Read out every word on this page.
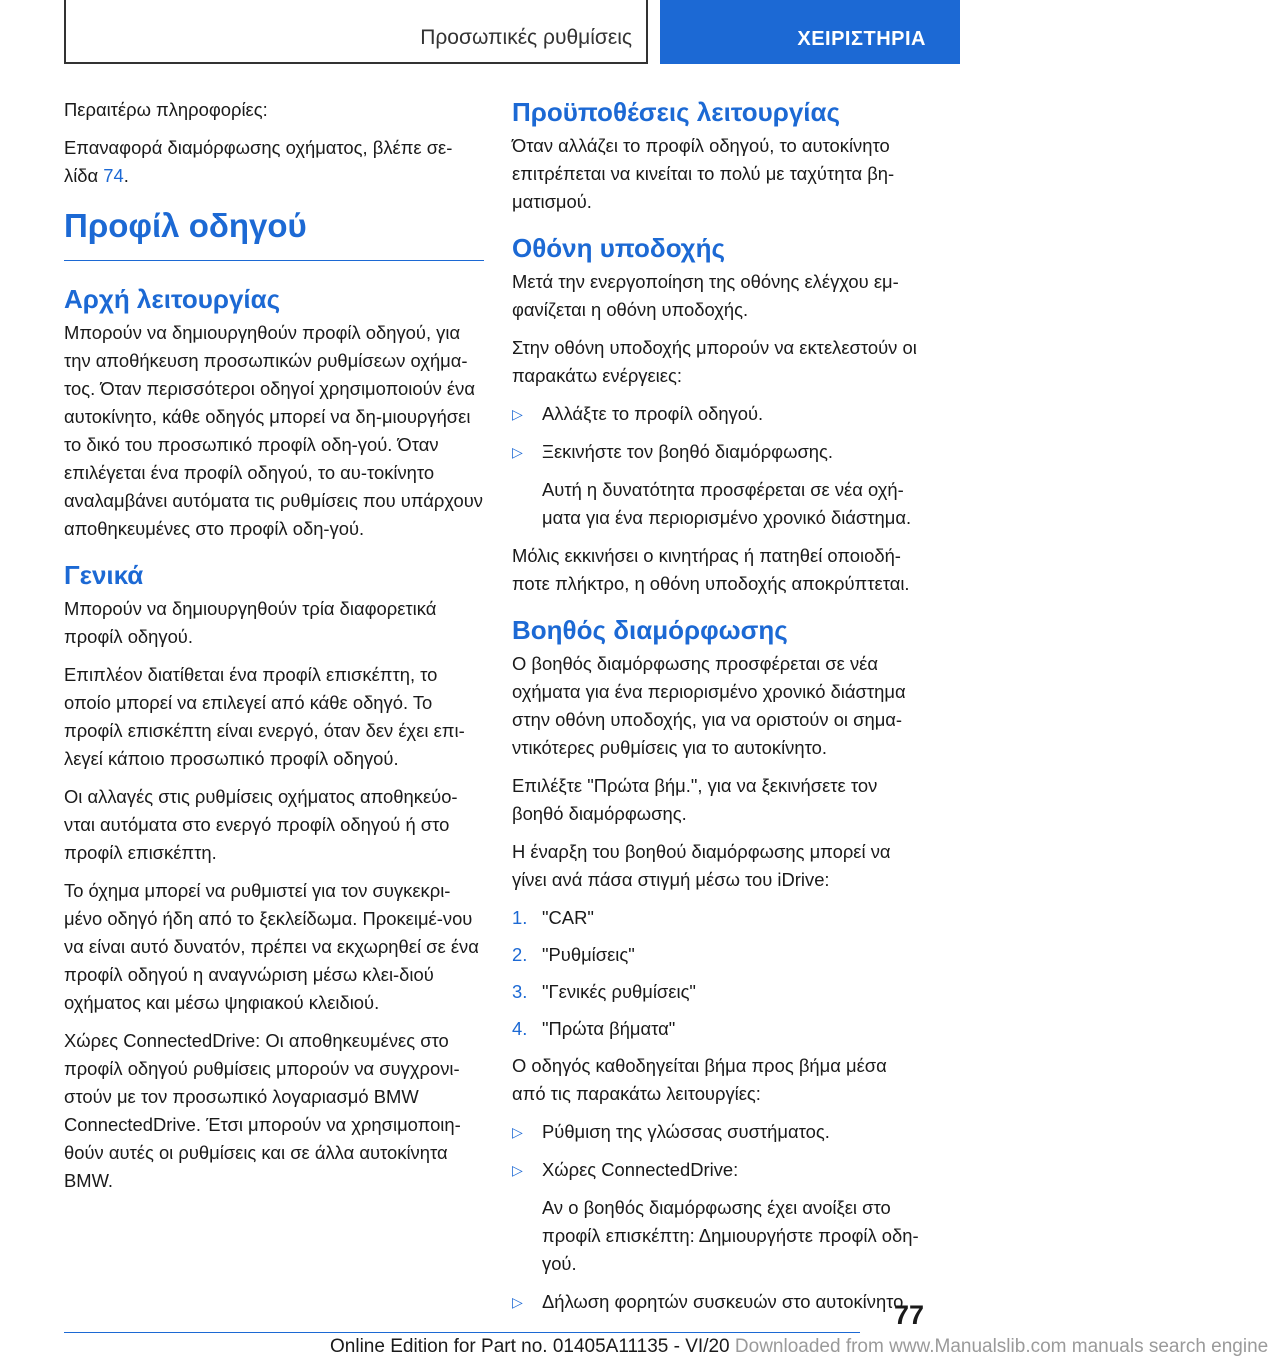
Προσωπικές ρυθμίσεις	ΧΕΙΡΙΣΤΗΡΙΑ

Περαιτέρω πληροφορίες:

Επαναφορά διαμόρφωσης οχήματος, βλέπε σε-λίδα 74.

Προφίλ οδηγού
Αρχή λειτουργίας

Μπορούν να δημιουργηθούν προφίλ οδηγού, για την αποθήκευση προσωπικών ρυθμίσεων οχήμα-τος. Όταν περισσότεροι οδηγοί χρησιμοποιούν ένα αυτοκίνητο, κάθε οδηγός μπορεί να δη-μιουργήσει το δικό του προσωπικό προφίλ οδη-γού. Όταν επιλέγεται ένα προφίλ οδηγού, το αυ-τοκίνητο αναλαμβάνει αυτόματα τις ρυθμίσεις που υπάρχουν αποθηκευμένες στο προφίλ οδη-γού.

Γενικά

Μπορούν να δημιουργηθούν τρία διαφορετικά προφίλ οδηγού.

Επιπλέον διατίθεται ένα προφίλ επισκέπτη, το οποίο μπορεί να επιλεγεί από κάθε οδηγό. Το προφίλ επισκέπτη είναι ενεργό, όταν δεν έχει επι-λεγεί κάποιο προσωπικό προφίλ οδηγού.

Οι αλλαγές στις ρυθμίσεις οχήματος αποθηκεύο-νται αυτόματα στο ενεργό προφίλ οδηγού ή στο προφίλ επισκέπτη.

Το όχημα μπορεί να ρυθμιστεί για τον συγκεκρι-μένο οδηγό ήδη από το ξεκλείδωμα. Προκειμέ-νου να είναι αυτό δυνατόν, πρέπει να εκχωρηθεί σε ένα προφίλ οδηγού η αναγνώριση μέσω κλει-διού οχήματος και μέσω ψηφιακού κλειδιού.

Χώρες ConnectedDrive: Οι αποθηκευμένες στο προφίλ οδηγού ρυθμίσεις μπορούν να συγχρονι-στούν με τον προσωπικό λογαριασμό BMW ConnectedDrive. Έτσι μπορούν να χρησιμοποιη-θούν αυτές οι ρυθμίσεις και σε άλλα αυτοκίνητα BMW.

Προϋποθέσεις λειτουργίας

Όταν αλλάζει το προφίλ οδηγού, το αυτοκίνητο επιτρέπεται να κινείται το πολύ με ταχύτητα βη-ματισμού.

Οθόνη υποδοχής

Μετά την ενεργοποίηση της οθόνης ελέγχου εμ-φανίζεται η οθόνη υποδοχής.

Στην οθόνη υποδοχής μπορούν να εκτελεστούν οι παρακάτω ενέργειες:

▷ Αλλάξτε το προφίλ οδηγού.
▷ Ξεκινήστε τον βοηθό διαμόρφωσης.

Αυτή η δυνατότητα προσφέρεται σε νέα οχή-ματα για ένα περιορισμένο χρονικό διάστημα.

Μόλις εκκινήσει ο κινητήρας ή πατηθεί οποιοδή-ποτε πλήκτρο, η οθόνη υποδοχής αποκρύπτεται.

Βοηθός διαμόρφωσης

Ο βοηθός διαμόρφωσης προσφέρεται σε νέα οχήματα για ένα περιορισμένο χρονικό διάστημα στην οθόνη υποδοχής, για να οριστούν οι σημα-ντικότερες ρυθμίσεις για το αυτοκίνητο.

Επιλέξτε "Πρώτα βήμ.", για να ξεκινήσετε τον βοηθό διαμόρφωσης.

Η έναρξη του βοηθού διαμόρφωσης μπορεί να γίνει ανά πάσα στιγμή μέσω του iDrive:

1. "CAR"
2. "Ρυθμίσεις"
3. "Γενικές ρυθμίσεις"
4. "Πρώτα βήματα"

Ο οδηγός καθοδηγείται βήμα προς βήμα μέσα από τις παρακάτω λειτουργίες:

▷ Ρύθμιση της γλώσσας συστήματος.
▷ Χώρες ConnectedDrive:

Αν ο βοηθός διαμόρφωσης έχει ανοίξει στο προφίλ επισκέπτη: Δημιουργήστε προφίλ οδη-γού.

▷ Δήλωση φορητών συσκευών στο αυτοκίνητο.
77
Online Edition for Part no. 01405A11135 - VI/20 Downloaded from www.Manualslib.com manuals search engine
